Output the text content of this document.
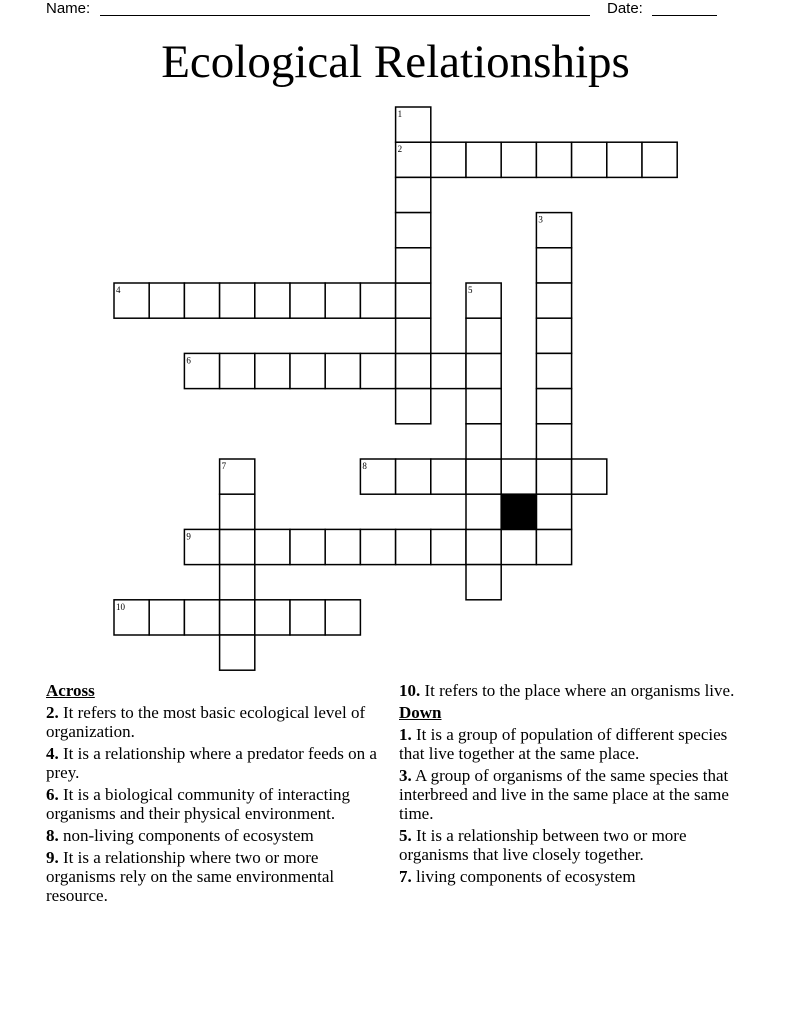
Name:	Date:
Ecological Relationships
1
2
3
4	5
6
7	8
9
10
Across
2. It refers to the most basic ecological level of organization.
4. It is a relationship where a predator feeds on a prey.
6. It is a biological community of interacting organisms and their physical environment.
8. non-living components of ecosystem
9. It is a relationship where two or more organisms rely on the same environmental resource.
10. It refers to the place where an organisms live.
Down
1. It is a group of population of different species that live together at the same place.
3. A group of organisms of the same species that interbreed and live in the same place at the same time.
5. It is a relationship between two or more organisms that live closely together.
7. living components of ecosystem
